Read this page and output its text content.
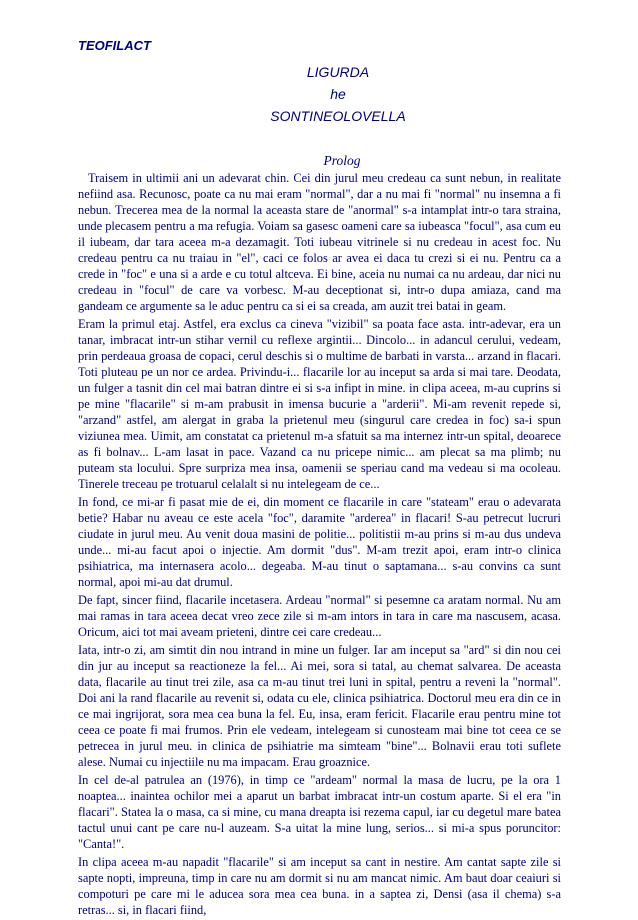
TEOFILACT
LIGURDA
he
SONTINEOLOVELLA
Prolog

Traisem in ultimii ani un adevarat chin. Cei din jurul meu credeau ca sunt nebun, in realitate nefiind asa. Recunosc, poate ca nu mai eram "normal", dar a nu mai fi "normal" nu insemna a fi nebun. Trecerea mea de la normal la aceasta stare de "anormal" s-a intamplat intr-o tara straina, unde plecasem pentru a ma refugia. Voiam sa gasesc oameni care sa iubeasca "focul", asa cum eu il iubeam, dar tara aceea m-a dezamagit. Toti iubeau vitrinele si nu credeau in acest foc. Nu credeau pentru ca nu traiau in "el", caci ce folos ar avea ei daca tu crezi si ei nu. Pentru ca a crede in "foc" e una si a arde e cu totul altceva. Ei bine, aceia nu numai ca nu ardeau, dar nici nu credeau in "focul" de care va vorbesc. M-au deceptionat si, intr-o dupa amiaza, cand ma gandeam ce argumente sa le aduc pentru ca si ei sa creada, am auzit trei batai in geam.

Eram la primul etaj. Astfel, era exclus ca cineva "vizibil" sa poata face asta. intr-adevar, era un tanar, imbracat intr-un stihar vernil cu reflexe argintii... Dincolo... in adancul cerului, vedeam, prin perdeaua groasa de copaci, cerul deschis si o multime de barbati in varsta... arzand in flacari. Toti pluteau pe un nor ce ardea. Privindu-i... flacarile lor au inceput sa arda si mai tare. Deodata, un fulger a tasnit din cel mai batran dintre ei si s-a infipt in mine. in clipa aceea, m-au cuprins si pe mine "flacarile" si m-am prabusit in imensa bucurie a "arderii". Mi-am revenit repede si, "arzand" astfel, am alergat in graba la prietenul meu (singurul care credea in foc) sa-i spun viziunea mea. Uimit, am constatat ca prietenul m-a sfatuit sa ma internez intr-un spital, deoarece as fi bolnav... L-am lasat in pace. Vazand ca nu pricepe nimic... am plecat sa ma plimb; nu puteam sta locului. Spre surpriza mea insa, oamenii se speriau cand ma vedeau si ma ocoleau. Tinerele treceau pe trotuarul celalalt si nu intelegeam de ce...

In fond, ce mi-ar fi pasat mie de ei, din moment ce flacarile in care "stateam" erau o adevarata betie? Habar nu aveau ce este acela "foc", daramite "arderea" in flacari! S-au petrecut lucruri ciudate in jurul meu. Au venit doua masini de politie... politistii m-au prins si m-au dus undeva unde... mi-au facut apoi o injectie. Am dormit "dus". M-am trezit apoi, eram intr-o clinica psihiatrica, ma internasera acolo... degeaba. M-au tinut o saptamana... s-au convins ca sunt normal, apoi mi-au dat drumul.

De fapt, sincer fiind, flacarile incetasera. Ardeau "normal" si pesemne ca aratam normal. Nu am mai ramas in tara aceea decat vreo zece zile si m-am intors in tara in care ma nascusem, acasa. Oricum, aici tot mai aveam prieteni, dintre cei care credeau...

Iata, intr-o zi, am simtit din nou intrand in mine un fulger. Iar am inceput sa "ard" si din nou cei din jur au inceput sa reactioneze la fel... Ai mei, sora si tatal, au chemat salvarea. De aceasta data, flacarile au tinut trei zile, asa ca m-au tinut trei luni in spital, pentru a reveni la "normal". Doi ani la rand flacarile au revenit si, odata cu ele, clinica psihiatrica. Doctorul meu era din ce in ce mai ingrijorat, sora mea cea buna la fel. Eu, insa, eram fericit. Flacarile erau pentru mine tot ceea ce poate fi mai frumos. Prin ele vedeam, intelegeam si cunosteam mai bine tot ceea ce se petrecea in jurul meu. in clinica de psihiatrie ma simteam "bine"... Bolnavii erau toti suflete alese. Numai cu injectiile nu ma impacam. Erau groaznice.

In cel de-al patrulea an (1976), in timp ce "ardeam" normal la masa de lucru, pe la ora 1 noaptea... inaintea ochilor mei a aparut un barbat imbracat intr-un costum aparte. Si el era "in flacari". Statea la o masa, ca si mine, cu mana dreapta isi rezema capul, iar cu degetul mare batea tactul unui cant pe care nu-l auzeam. S-a uitat la mine lung, serios... si mi-a spus poruncitor: "Canta!".

In clipa aceea m-au napadit "flacarile" si am inceput sa cant in nestire. Am cantat sapte zile si sapte nopti, impreuna, timp in care nu am dormit si nu am mancat nimic. Am baut doar ceaiuri si compoturi pe care mi le aducea sora mea cea buna. in a saptea zi, Densi (asa il chema) s-a retras... si, in flacari fiind,
